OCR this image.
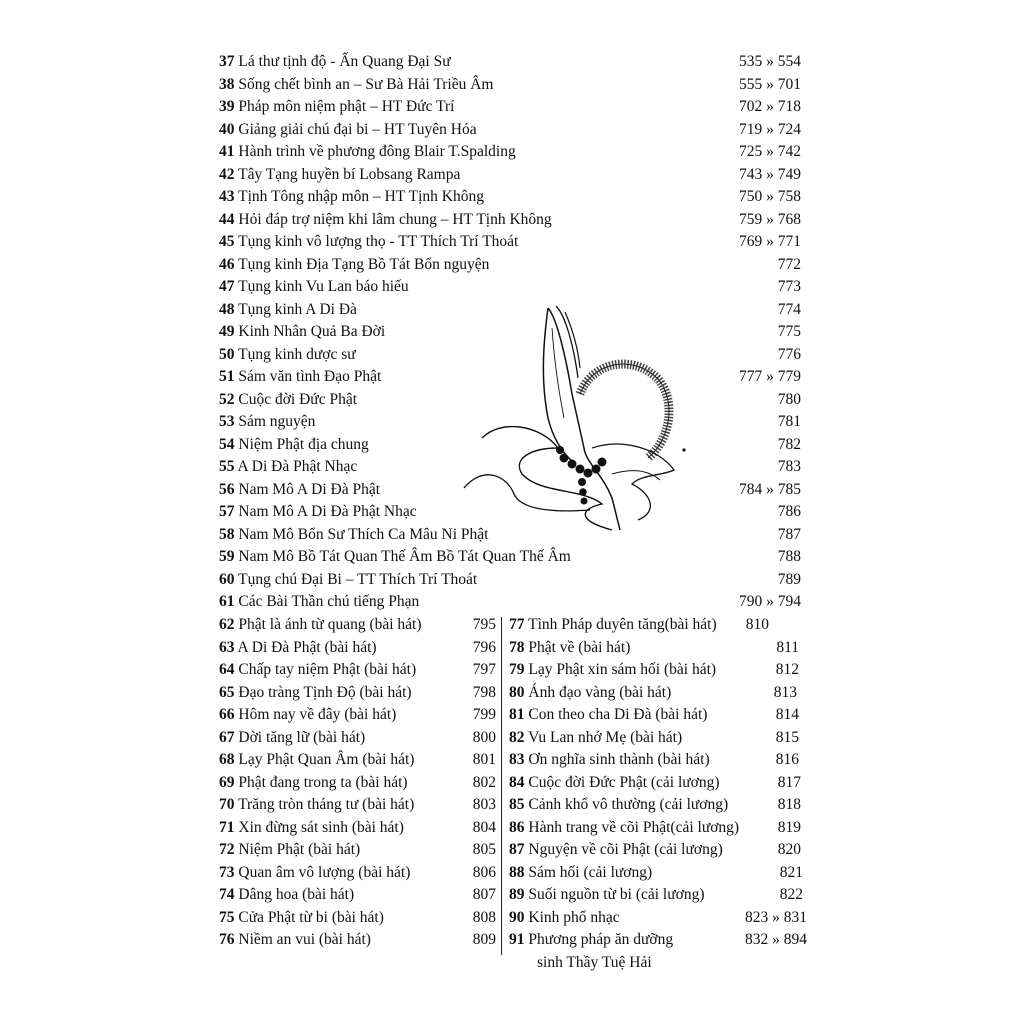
37 Lá thư tịnh độ - Ấn Quang Đại Sư	535 » 554
38 Sống chết bình an – Sư Bà Hải Triều Âm	555 » 701
39 Pháp môn niệm phật – HT Đức Trí	702 » 718
40 Giảng giải chú đại bi – HT Tuyên Hóa	719 » 724
41 Hành trình về phương đông Blair T.Spalding	725 » 742
42 Tây Tạng huyền bí Lobsang Rampa	743 » 749
43 Tịnh Tông nhập môn – HT Tịnh Không	750 » 758
44 Hỏi đáp trợ niệm khi lâm chung – HT Tịnh Không	759 » 768
45 Tụng kinh vô lượng thọ - TT Thích Trí Thoát	769 » 771
46 Tụng kinh Địa Tạng Bồ Tát Bổn nguyện	772
47 Tụng kinh Vu Lan báo hiếu	773
48 Tụng kinh A Di Đà	774
49 Kinh Nhân Quả Ba Đời	775
50 Tụng kinh dược sư	776
51 Sám văn tình Đạo Phật	777 » 779
52 Cuộc đời Đức Phật	780
53 Sám nguyện	781
54 Niệm Phật địa chung	782
55 A Di Đà Phật Nhạc	783
56 Nam Mô A Di Đà Phật	784 » 785
57 Nam Mô A Di Đà Phật Nhạc	786
58 Nam Mô Bổn Sư Thích Ca Mâu Ni Phật	787
59 Nam Mô Bồ Tát Quan Thế Âm Bồ Tát Quan Thế Âm	788
60 Tụng chú Đại Bi – TT Thích Trí Thoát	789
61 Các Bài Thần chú tiếng Phạn	790 » 794
62 Phật là ánh từ quang (bài hát)	795
63 A Di Đà Phật (bài hát)	796
64 Chấp tay niệm Phật (bài hát)	797
65 Đạo tràng Tịnh Độ (bài hát)	798
66 Hôm nay về đây (bài hát)	799
67 Dời tăng lữ (bài hát)	800
68 Lạy Phật Quan Âm (bài hát)	801
69 Phật đang trong ta (bài hát)	802
70 Trăng tròn tháng tư (bài hát)	803
71 Xin đừng sát sinh (bài hát)	804
72 Niệm Phật (bài hát)	805
73 Quan âm vô lượng (bài hát)	806
74 Dâng hoa (bài hát)	807
75 Cửa Phật từ bi (bài hát)	808
76 Niềm an vui (bài hát)	809
77 Tình Pháp duyên tăng(bài hát) 810
78 Phật về (bài hát)	811
79 Lạy Phật xin sám hối (bài hát)	812
80 Ánh đạo vàng (bài hát)	813
81 Con theo cha Di Đà (bài hát)	814
82 Vu Lan nhớ Mẹ (bài hát)	815
83 Ơn nghĩa sinh thành (bài hát)	816
84 Cuộc đời Đức Phật (cải lương)	817
85 Cảnh khổ vô thường (cải lương)	818
86 Hành trang về cõi Phật(cải lương) 819
87 Nguyện về cõi Phật (cải lương)	820
88 Sám hối (cải lương)	821
89 Suối nguồn từ bi (cải lương)	822
90 Kinh phổ nhạc	823 » 831
91 Phương pháp ăn dưỡng	832 » 894
sinh Thầy Tuệ Hải
